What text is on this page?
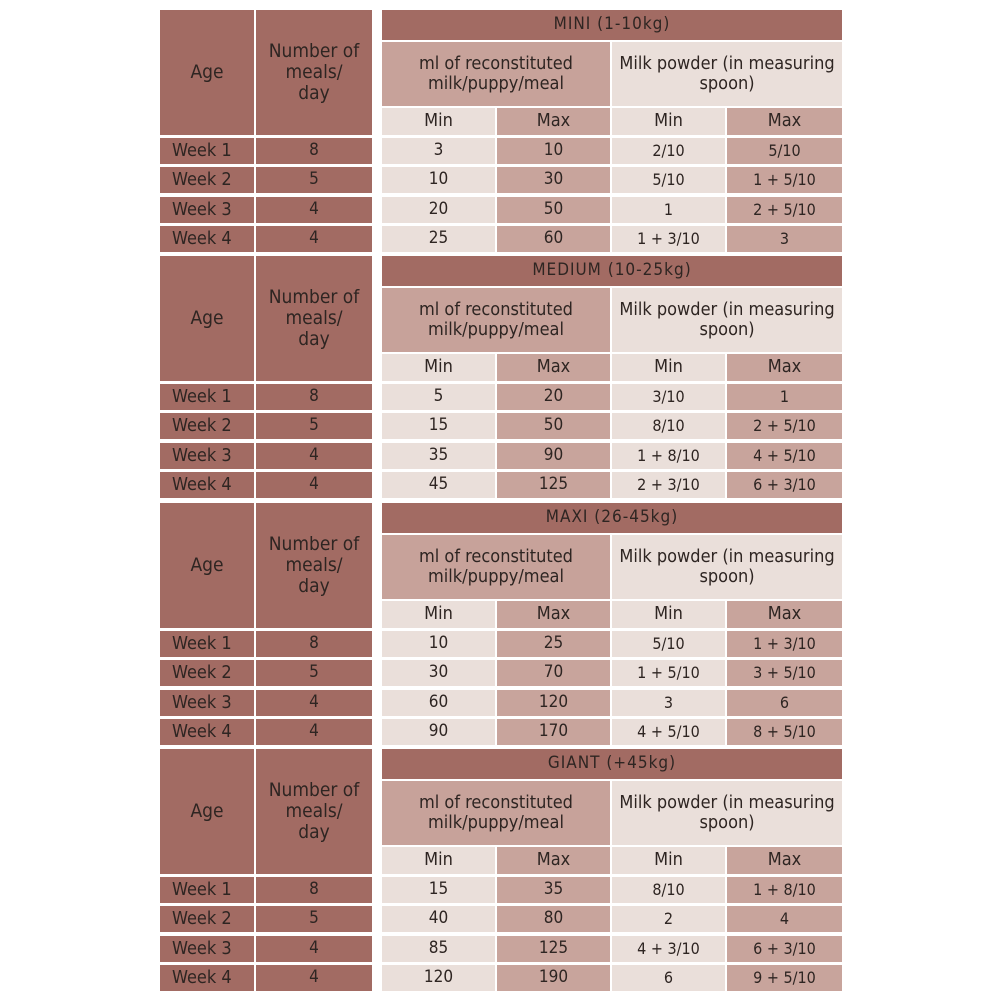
Age
Number of meals/ day
MINI (1-10kg)
ml of reconstituted milk/puppy/meal
Milk powder (in measuring spoon)
Min	Max	Min	Max
Week 1	8	3	10	2/10	5/10
Week 2	5	10	30	5/10	1 + 5/10
Week 3	4	20	50	1	2 + 5/10
Week 4	4	25	60	1 + 3/10	3
Age
Number of meals/ day
MEDIUM (10-25kg)
ml of reconstituted milk/puppy/meal
Milk powder (in measuring spoon)
Min	Max	Min	Max
Week 1	8	5	20	3/10	1
Week 2	5	15	50	8/10	2 + 5/10
Week 3	4	35	90	1 + 8/10	4 + 5/10
Week 4	4	45	125	2 + 3/10	6 + 3/10
Age
Number of meals/ day
MAXI (26-45kg)
ml of reconstituted milk/puppy/meal
Milk powder (in measuring spoon)
Min	Max	Min	Max
Week 1	8	10	25	5/10	1 + 3/10
Week 2	5	30	70	1 + 5/10	3 + 5/10
Week 3	4	60	120	3	6
Week 4	4	90	170	4 + 5/10	8 + 5/10
Age
Number of meals/ day
GIANT (+45kg)
ml of reconstituted milk/puppy/meal
Milk powder (in measuring spoon)
Min	Max	Min	Max
Week 1	8	15	35	8/10	1 + 8/10
Week 2	5	40	80	2	4
Week 3	4	85	125	4 + 3/10	6 + 3/10
Week 4	4	120	190	6	9 + 5/10
